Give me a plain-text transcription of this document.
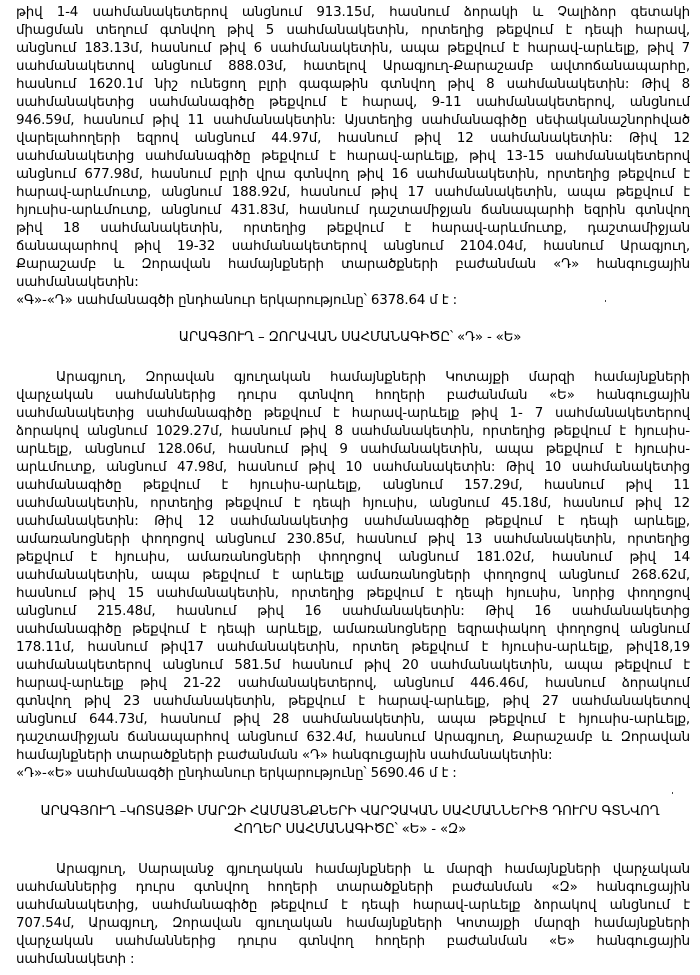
թիվ 1-4 սահմանակետերով անցնում 913.15մ, հասնում ձորակի և Չալիձոր գետակի
միացման տեղում գտնվող թիվ 5 սահմանակետին, որտեղից թեքվում է դեպի հարավ,
անցնում 183.13մ, հասնում թիվ 6 սահմանակետին, ապա թեքվում է հարավ-արևելք, թիվ 7
սահմանակետով անցնում 888.03մ, հատելով Արագյուղ-Քարաշամբ ավտոճանապարհը,
հասնում 1620.1մ նիշ ունեցող բլրի գագաթին գտնվող թիվ 8 սահմանակետին: Թիվ 8
սահմանակետից սահմանագիծը թեքվում է հարավ, 9-11 սահմանակետերով, անցնում
946.59մ, հասնում թիվ 11 սահմանակետին: Այստեղից սահմանագիծը սեփականաշնորհված
վարելահողերի եզրով անցնում 44.97մ, հասնում թիվ 12 սահմանակետին: Թիվ 12
սահմանակետից սահմանագիծը թեքվում է հարավ-արևելք, թիվ 13-15 սահմանակետերով
անցնում 677.98մ, հասնում բլրի վրա գտնվող թիվ 16 սահմանակետին, որտեղից թեքվում է
հարավ-արևմուտք, անցնում 188.92մ, հասնում թիվ 17 սահմանակետին, ապա թեքվում է
հյուսիս-արևմուտք, անցնում 431.83մ, հասնում դաշտամիջյան ճանապարհի եզրին գտնվող
թիվ 18 սահմանակետին, որտեղից թեքվում է հարավ-արևմուտք, դաշտամիջյան
ճանապարհով թիվ 19-32 սահմանակետերով անցնում 2104.04մ, հասնում Արագյուղ,
Քարաշամբ և Զորավան համայնքների տարածքների բաժանման «Դ» հանգուցային
սահմանակետին:
«Գ»-«Դ» սահմանագծի ընդհանուր երկարությունը՝ 6378.64 մ է :
ԱՐԱԳՅՈՒՂ – ԶՈՐԱՎԱՆ ՍԱՀՄԱՆԱԳԻԾԸ՝ «Դ» - «Ե»
Արագյուղ, Զորավան գյուղական համայնքների Կոտայքի մարզի համայնքների
վարչական սահմաններից դուրս գտնվող հողերի բաժանման «Ե» հանգուցային
սահմանակետից սահմանագիծը թեքվում է հարավ-արևելք թիվ 1- 7 սահմանակետերով
ձորակով անցնում 1029.27մ, հասնում թիվ 8 սահմանակետին, որտեղից թեքվում է հյուսիս-
արևելք, անցնում 128.06մ, հասնում թիվ 9 սահմանակետին, ապա թեքվում է հյուսիս-
արևմուտք, անցնում 47.98մ, հասնում թիվ 10 սահմանակետին: Թիվ 10 սահմանակետից
սահմանագիծը թեքվում է հյուսիս-արևելք, անցնում 157.29մ, հասնում թիվ 11
սահմանակետին, որտեղից թեքվում է դեպի հյուսիս, անցնում 45.18մ, հասնում թիվ 12
սահմանակետին: Թիվ 12 սահմանակետից սահմանագիծը թեքվում է դեպի արևելք,
ամառանոցների փողոցով անցնում 230.85մ, հասնում թիվ 13 սահմանակետին, որտեղից
թեքվում է հյուսիս, ամառանոցների փողոցով անցնում 181.02մ, հասնում թիվ 14
սահմանակետին, ապա թեքվում է արևելք ամառանոցների փողոցով անցնում 268.62մ,
հասնում թիվ 15 սահմանակետին, որտեղից թեքվում է դեպի հյուսիս, նորից փողոցով
անցնում 215.48մ, հասնում թիվ 16 սահմանակետին: Թիվ 16 սահմանակետից
սահմանագիծը թեքվում է դեպի արևելք, ամառանոցները եզրափակող փողոցով անցնում
178.11մ, հասնում թիվ17 սահմանակետին, որտեղ թեքվում է հյուսիս-արևելք, թիվ18,19
սահմանակետերով անցնում 581.5մ հասնում թիվ 20 սահմանակետին, ապա թեքվում է
հարավ-արևելք թիվ 21-22 սահմանակետերով, անցնում 446.46մ, հասնում ձորակում
գտնվող թիվ 23 սահմանակետին, թեքվում է հարավ-արևելք, թիվ 27 սահմանակետով
անցնում 644.73մ, հասնում թիվ 28 սահմանակետին, ապա թեքվում է հյուսիս-արևելք,
դաշտամիջյան ճանապարհով անցնում 632.4մ, հասնում Արագյուղ, Քարաշամբ և Զորավան
համայնքների տարածքների բաժանման «Դ» հանգուցային սահմանակետին:
«Դ»-«Ե» սահմանագծի ընդհանուր երկարությունը՝ 5690.46 մ է :
ԱՐԱԳՅՈՒՂ –ԿՈՏԱՅՔԻ ՄԱՐԶԻ ՀԱՄԱՅՆՔՆԵՐԻ ՎԱՐՉԱԿԱՆ ՍԱՀՄԱՆՆԵՐԻՑ ԴՈՒՐՍ ԳՏՆՎՈՂ
ՀՈՂԵՐ ՍԱՀՄԱՆԱԳԻԾԸ՝ «Ե» - «Զ»
Արագյուղ, Սարալանջ գյուղական համայնքների և մարզի համայնքների վարչական
սահմաններից դուրս գտնվող հողերի տարածքների բաժանման «Զ» հանգուցային
սահմանակետից, սահմանագիծը թեքվում է դեպի հարավ-արևելք ձորակով անցնում է
707.54մ, Արագյուղ, Զորավան գյուղական համայնքների Կոտայքի մարզի համայնքների
վարչական սահմաններից դուրս գտնվող հողերի բաժանման «Ե» հանգուցային
սահմանակետի :
